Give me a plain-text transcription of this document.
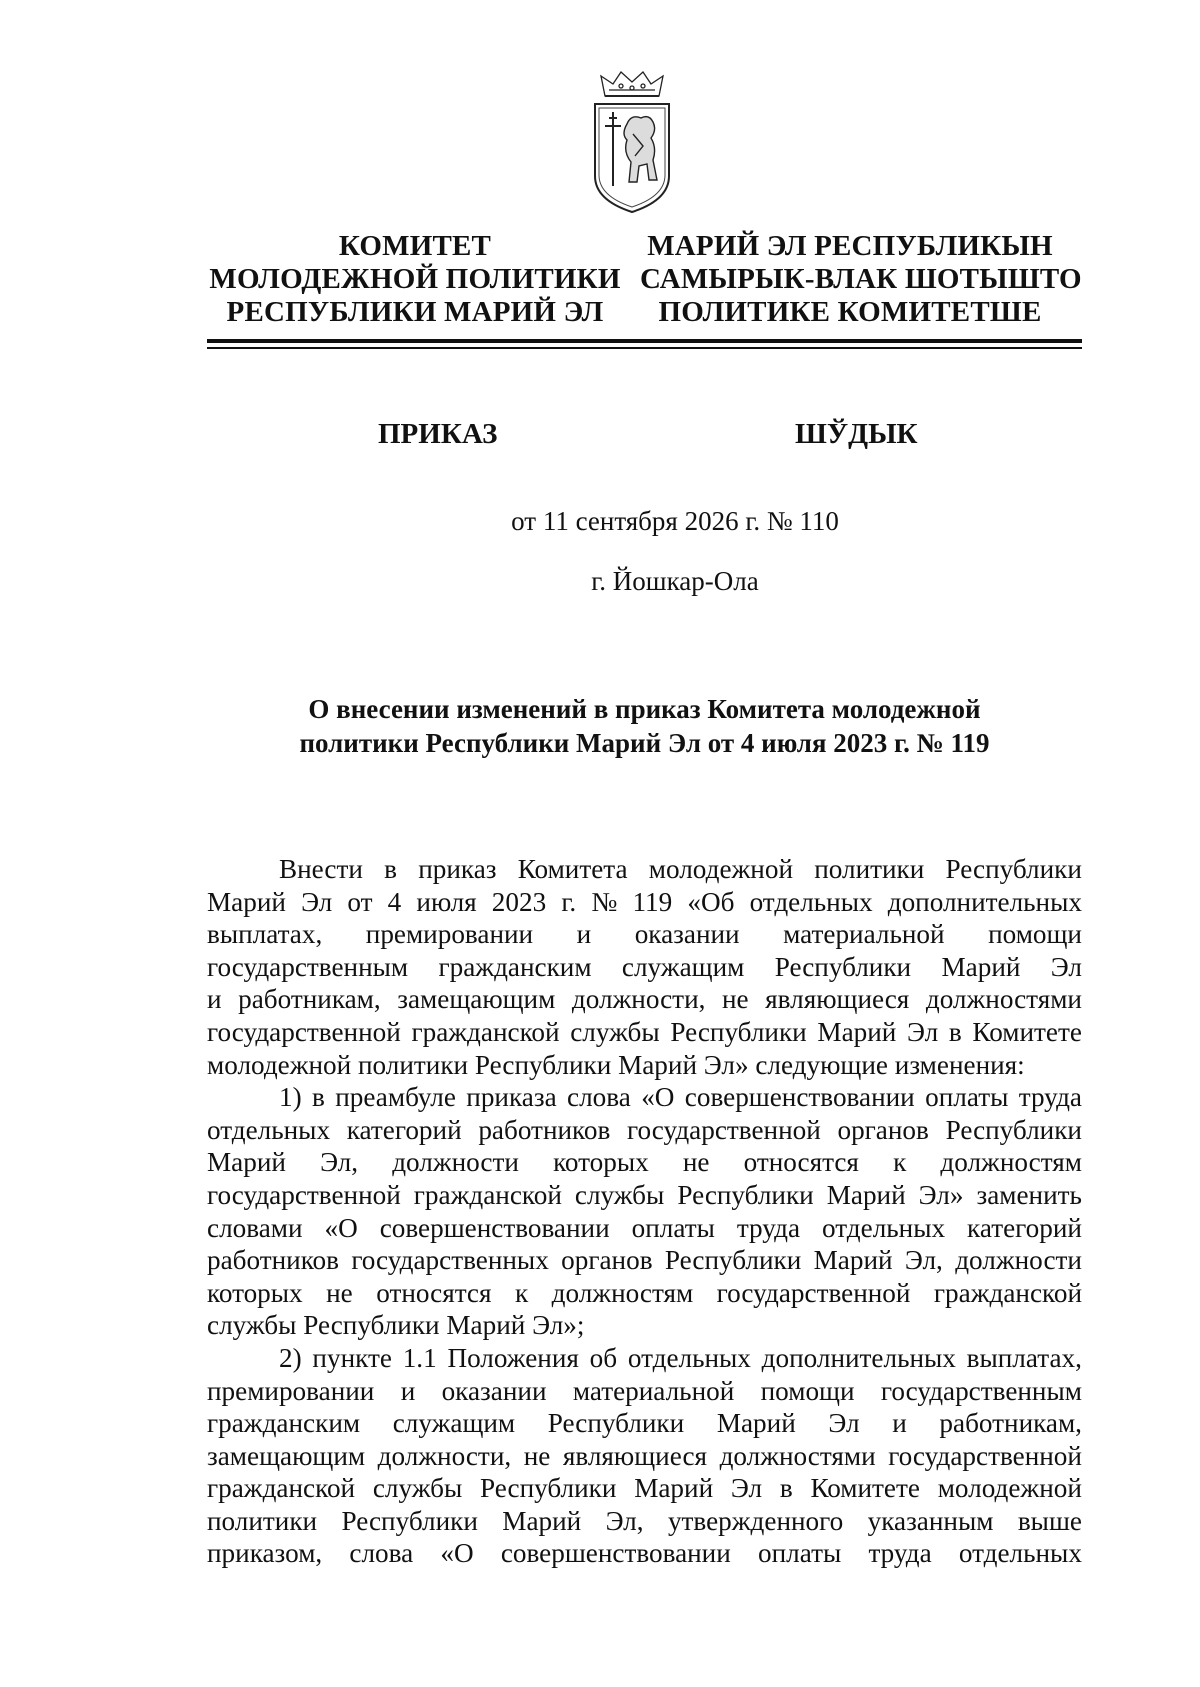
КОМИТЕТ
МОЛОДЕЖНОЙ ПОЛИТИКИ
РЕСПУБЛИКИ МАРИЙ ЭЛ
МАРИЙ ЭЛ РЕСПУБЛИКЫН
САМЫРЫК-ВЛАК ШОТЫШТО
ПОЛИТИКЕ КОМИТЕТШЕ
ПРИКАЗ	ШЎДЫК
от 11 сентября 2026 г. № 110
г. Йошкар-Ола
О внесении изменений в приказ Комитета молодежной
политики Республики Марий Эл от 4 июля 2023 г. № 119
Внести в приказ Комитета молодежной политики Республики
Марий Эл от 4 июля 2023 г. № 119 «Об отдельных дополнительных
выплатах, премировании и оказании материальной помощи
государственным гражданским служащим Республики Марий Эл
и работникам, замещающим должности, не являющиеся должностями
государственной гражданской службы Республики Марий Эл в Комитете
молодежной политики Республики Марий Эл» следующие изменения:
1) в преамбуле приказа слова «О совершенствовании оплаты труда
отдельных категорий работников государственной органов Республики
Марий Эл, должности которых не относятся к должностям
государственной гражданской службы Республики Марий Эл» заменить
словами «О совершенствовании оплаты труда отдельных категорий
работников государственных органов Республики Марий Эл, должности
которых не относятся к должностям государственной гражданской
службы Республики Марий Эл»;
2) пункте 1.1 Положения об отдельных дополнительных выплатах,
премировании и оказании материальной помощи государственным
гражданским служащим Республики Марий Эл и работникам,
замещающим должности, не являющиеся должностями государственной
гражданской службы Республики Марий Эл в Комитете молодежной
политики Республики Марий Эл, утвержденного указанным выше
приказом, слова «О совершенствовании оплаты труда отдельных
